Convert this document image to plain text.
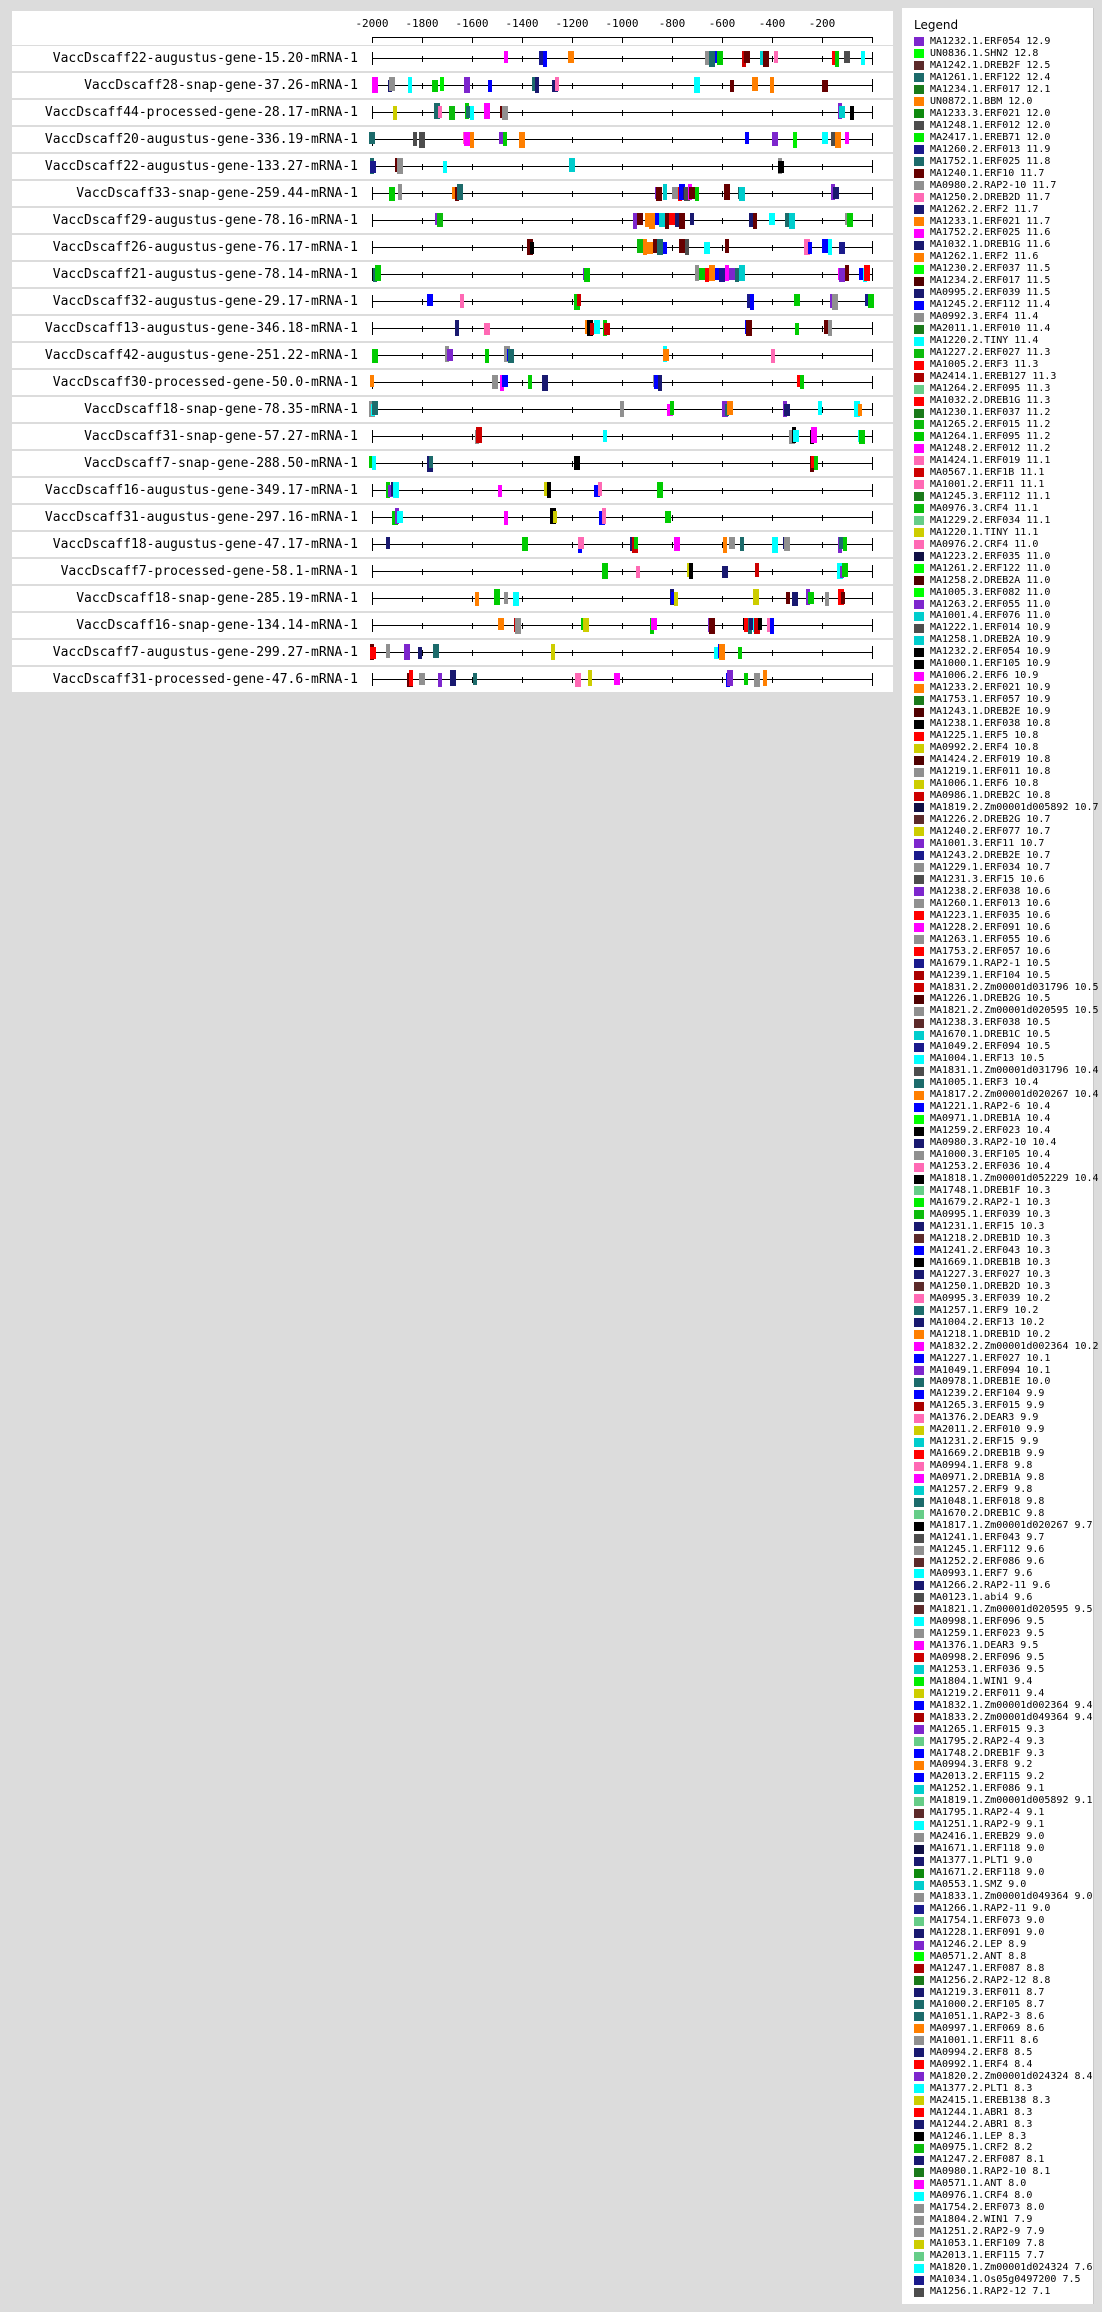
-2000 -1800 -1600 -1400 -1200 -1000 -800 -600 -400 -200
VaccDscaff22-augustus-gene-15.20-mRNA-1
VaccDscaff28-snap-gene-37.26-mRNA-1
VaccDscaff44-processed-gene-28.17-mRNA-1
VaccDscaff20-augustus-gene-336.19-mRNA-1
VaccDscaff22-augustus-gene-133.27-mRNA-1
VaccDscaff33-snap-gene-259.44-mRNA-1
VaccDscaff29-augustus-gene-78.16-mRNA-1
VaccDscaff26-augustus-gene-76.17-mRNA-1
VaccDscaff21-augustus-gene-78.14-mRNA-1
VaccDscaff32-augustus-gene-29.17-mRNA-1
VaccDscaff13-augustus-gene-346.18-mRNA-1
VaccDscaff42-augustus-gene-251.22-mRNA-1
VaccDscaff30-processed-gene-50.0-mRNA-1
VaccDscaff18-snap-gene-78.35-mRNA-1
VaccDscaff31-snap-gene-57.27-mRNA-1
VaccDscaff7-snap-gene-288.50-mRNA-1
VaccDscaff16-augustus-gene-349.17-mRNA-1
VaccDscaff31-augustus-gene-297.16-mRNA-1
VaccDscaff18-augustus-gene-47.17-mRNA-1
VaccDscaff7-processed-gene-58.1-mRNA-1
VaccDscaff18-snap-gene-285.19-mRNA-1
VaccDscaff16-snap-gene-134.14-mRNA-1
VaccDscaff7-augustus-gene-299.27-mRNA-1
VaccDscaff31-processed-gene-47.6-mRNA-1
Legend
MA1232.1.ERF054 12.9
UN0836.1.SHN2 12.8
MA1242.1.DREB2F 12.5
MA1261.1.ERF122 12.4
MA1234.1.ERF017 12.1
UN0872.1.BBM 12.0
MA1233.3.ERF021 12.0
MA1248.1.ERF012 12.0
MA2417.1.EREB71 12.0
MA1260.2.ERF013 11.9
MA1752.1.ERF025 11.8
MA1240.1.ERF10 11.7
MA0980.2.RAP2-10 11.7
MA1250.2.DREB2D 11.7
MA1262.2.ERF2 11.7
MA1233.1.ERF021 11.7
MA1752.2.ERF025 11.6
MA1032.1.DREB1G 11.6
MA1262.1.ERF2 11.6
MA1230.2.ERF037 11.5
MA1234.2.ERF017 11.5
MA0995.2.ERF039 11.5
MA1245.2.ERF112 11.4
MA0992.3.ERF4 11.4
MA2011.1.ERF010 11.4
MA1220.2.TINY 11.4
MA1227.2.ERF027 11.3
MA1005.2.ERF3 11.3
MA2414.1.EREB127 11.3
MA1264.2.ERF095 11.3
MA1032.2.DREB1G 11.3
MA1230.1.ERF037 11.2
MA1265.2.ERF015 11.2
MA1264.1.ERF095 11.2
MA1248.2.ERF012 11.2
MA1424.1.ERF019 11.1
MA0567.1.ERF1B 11.1
MA1001.2.ERF11 11.1
MA1245.3.ERF112 11.1
MA0976.3.CRF4 11.1
MA1229.2.ERF034 11.1
MA1220.1.TINY 11.1
MA0976.2.CRF4 11.0
MA1223.2.ERF035 11.0
MA1261.2.ERF122 11.0
MA1258.2.DREB2A 11.0
MA1005.3.ERF082 11.0
MA1263.2.ERF055 11.0
MA1001.4.ERF076 11.0
MA1222.1.ERF014 10.9
MA1258.1.DREB2A 10.9
MA1232.2.ERF054 10.9
MA1000.1.ERF105 10.9
MA1006.2.ERF6 10.9
MA1233.2.ERF021 10.9
MA1753.1.ERF057 10.9
MA1243.1.DREB2E 10.9
MA1238.1.ERF038 10.8
MA1225.1.ERF5 10.8
MA0992.2.ERF4 10.8
MA1424.2.ERF019 10.8
MA1219.1.ERF011 10.8
MA1006.1.ERF6 10.8
MA0986.1.DREB2C 10.8
MA1819.2.Zm00001d005892 10.7
MA1226.2.DREB2G 10.7
MA1240.2.ERF077 10.7
MA1001.3.ERF11 10.7
MA1243.2.DREB2E 10.7
MA1229.1.ERF034 10.7
MA1231.3.ERF15 10.6
MA1238.2.ERF038 10.6
MA1260.1.ERF013 10.6
MA1223.1.ERF035 10.6
MA1228.2.ERF091 10.6
MA1263.1.ERF055 10.6
MA1753.2.ERF057 10.6
MA1679.1.RAP2-1 10.5
MA1239.1.ERF104 10.5
MA1831.2.Zm00001d031796 10.5
MA1226.1.DREB2G 10.5
MA1821.2.Zm00001d020595 10.5
MA1238.3.ERF038 10.5
MA1670.1.DREB1C 10.5
MA1049.2.ERF094 10.5
MA1004.1.ERF13 10.5
MA1831.1.Zm00001d031796 10.4
MA1005.1.ERF3 10.4
MA1817.2.Zm00001d020267 10.4
MA1221.1.RAP2-6 10.4
MA0971.1.DREB1A 10.4
MA1259.2.ERF023 10.4
MA0980.3.RAP2-10 10.4
MA1000.3.ERF105 10.4
MA1253.2.ERF036 10.4
MA1818.1.Zm00001d052229 10.4
MA1748.1.DREB1F 10.3
MA1679.2.RAP2-1 10.3
MA0995.1.ERF039 10.3
MA1231.1.ERF15 10.3
MA1218.2.DREB1D 10.3
MA1241.2.ERF043 10.3
MA1669.1.DREB1B 10.3
MA1227.3.ERF027 10.3
MA1250.1.DREB2D 10.3
MA0995.3.ERF039 10.2
MA1257.1.ERF9 10.2
MA1004.2.ERF13 10.2
MA1218.1.DREB1D 10.2
MA1832.2.Zm00001d002364 10.2
MA1227.1.ERF027 10.1
MA1049.1.ERF094 10.1
MA0978.1.DREB1E 10.0
MA1239.2.ERF104 9.9
MA1265.3.ERF015 9.9
MA1376.2.DEAR3 9.9
MA2011.2.ERF010 9.9
MA1231.2.ERF15 9.9
MA1669.2.DREB1B 9.9
MA0994.1.ERF8 9.8
MA0971.2.DREB1A 9.8
MA1257.2.ERF9 9.8
MA1048.1.ERF018 9.8
MA1670.2.DREB1C 9.8
MA1817.1.Zm00001d020267 9.7
MA1241.1.ERF043 9.7
MA1245.1.ERF112 9.6
MA1252.2.ERF086 9.6
MA0993.1.ERF7 9.6
MA1266.2.RAP2-11 9.6
MA0123.1.abi4 9.6
MA1821.1.Zm00001d020595 9.5
MA0998.1.ERF096 9.5
MA1259.1.ERF023 9.5
MA1376.1.DEAR3 9.5
MA0998.2.ERF096 9.5
MA1253.1.ERF036 9.5
MA1804.1.WIN1 9.4
MA1219.2.ERF011 9.4
MA1832.1.Zm00001d002364 9.4
MA1833.2.Zm00001d049364 9.4
MA1265.1.ERF015 9.3
MA1795.2.RAP2-4 9.3
MA1748.2.DREB1F 9.3
MA0994.3.ERF8 9.2
MA2013.2.ERF115 9.2
MA1252.1.ERF086 9.1
MA1819.1.Zm00001d005892 9.1
MA1795.1.RAP2-4 9.1
MA1251.1.RAP2-9 9.1
MA2416.1.EREB29 9.0
MA1671.1.ERF118 9.0
MA1377.1.PLT1 9.0
MA1671.2.ERF118 9.0
MA0553.1.SMZ 9.0
MA1833.1.Zm00001d049364 9.0
MA1266.1.RAP2-11 9.0
MA1754.1.ERF073 9.0
MA1228.1.ERF091 9.0
MA1246.2.LEP 8.9
MA0571.2.ANT 8.8
MA1247.1.ERF087 8.8
MA1256.2.RAP2-12 8.8
MA1219.3.ERF011 8.7
MA1000.2.ERF105 8.7
MA1051.1.RAP2-3 8.6
MA0997.1.ERF069 8.6
MA1001.1.ERF11 8.6
MA0994.2.ERF8 8.5
MA0992.1.ERF4 8.4
MA1820.2.Zm00001d024324 8.4
MA1377.2.PLT1 8.3
MA2415.1.EREB138 8.3
MA1244.1.ABR1 8.3
MA1244.2.ABR1 8.3
MA1246.1.LEP 8.3
MA0975.1.CRF2 8.2
MA1247.2.ERF087 8.1
MA0980.1.RAP2-10 8.1
MA0571.1.ANT 8.0
MA0976.1.CRF4 8.0
MA1754.2.ERF073 8.0
MA1804.2.WIN1 7.9
MA1251.2.RAP2-9 7.9
MA1053.1.ERF109 7.8
MA2013.1.ERF115 7.7
MA1820.1.Zm00001d024324 7.6
MA1034.1.Os05g0497200 7.5
MA1256.1.RAP2-12 7.1
